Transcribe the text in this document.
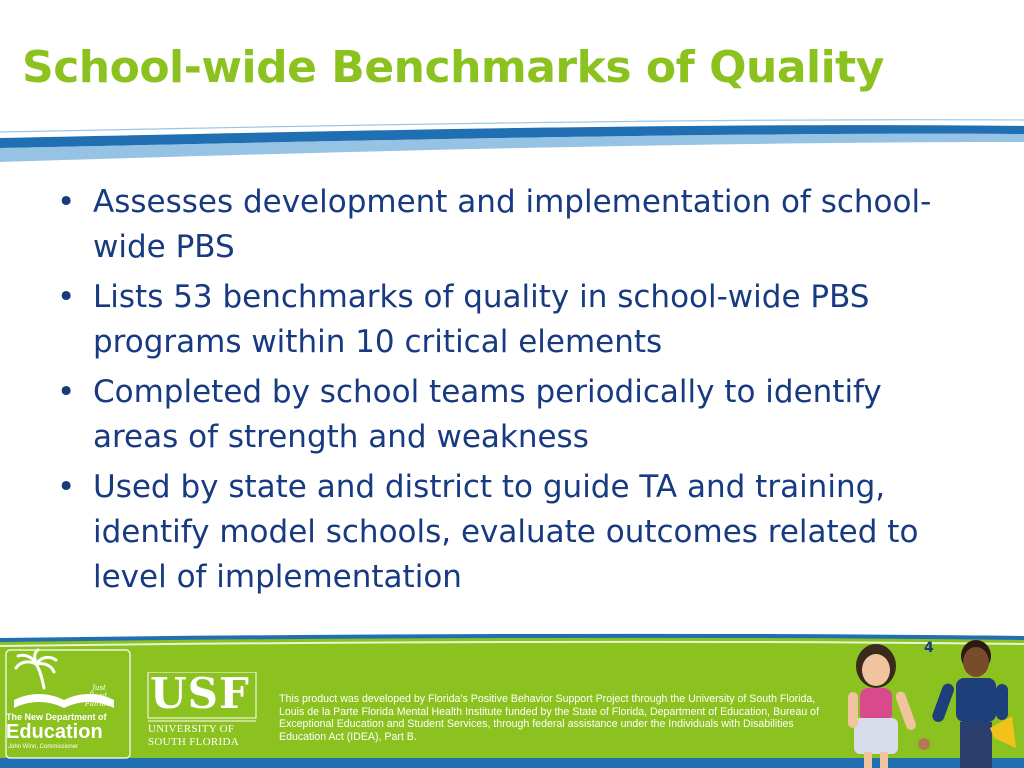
School-wide Benchmarks of Quality
• Assesses development and implementation of school-wide PBS
• Lists 53 benchmarks of quality in school-wide PBS programs within 10 critical elements
• Completed by school teams periodically to identify areas of strength and weakness
• Used by state and district to guide TA and training, identify model schools, evaluate outcomes related to level of implementation
4
Just
Read,
Florida!
The New Department of
Education
John Winn, Commissioner
USF
UNIVERSITY OF
SOUTH FLORIDA
This product was developed by Florida’s Positive Behavior Support Project through the University of South Florida, Louis de la Parte Florida Mental Health Institute funded by the State of Florida, Department of Education, Bureau of Exceptional Education and Student Services, through federal assistance under the Individuals with Disabilities Education Act (IDEA), Part B.
